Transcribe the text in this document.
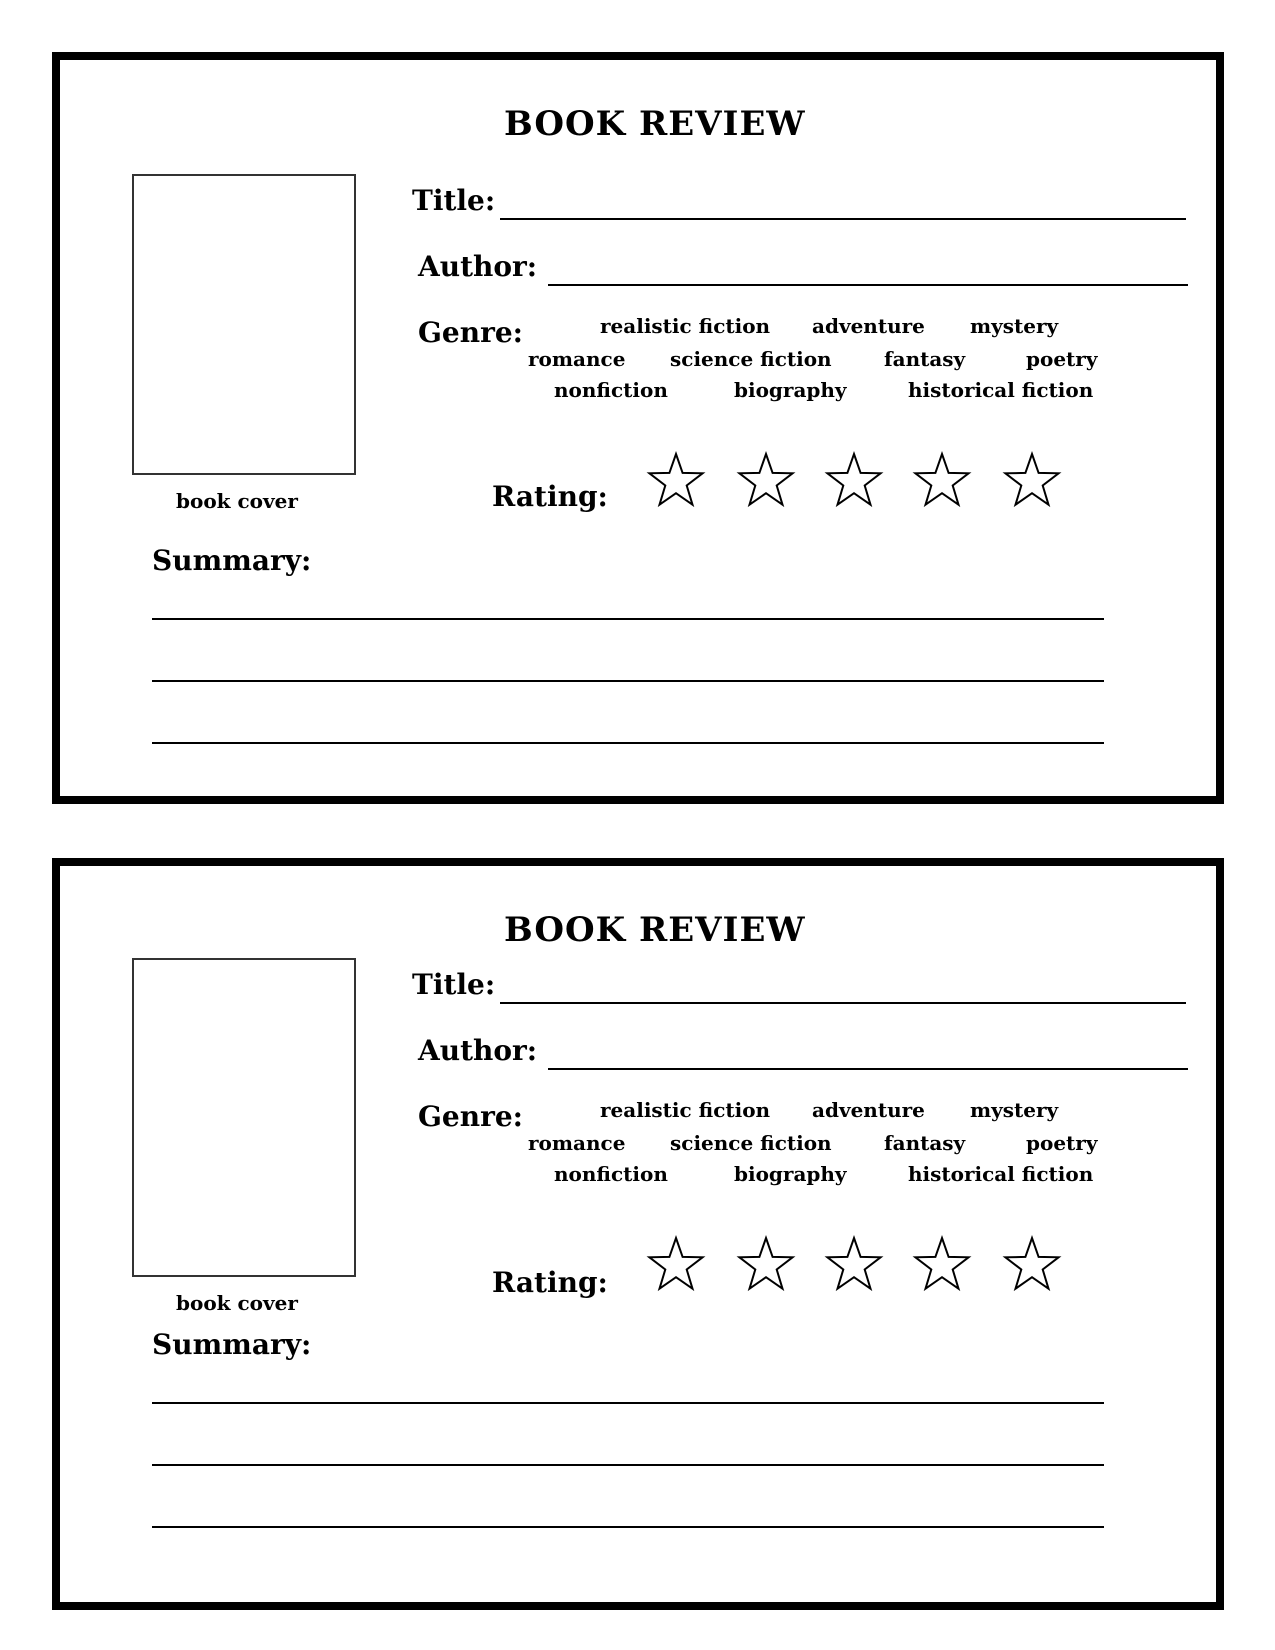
BOOK REVIEW
book cover
Title:
Author:
Genre:	realistic fiction adventure mystery
romance science fiction	fantasy	poetry
nonfiction	biography	historical fiction
Rating:
Summary:
BOOK REVIEW
book cover
Title:
Author:
Genre:	realistic fiction adventure mystery
romance science fiction	fantasy	poetry
nonfiction	biography	historical fiction
Rating:
Summary:
